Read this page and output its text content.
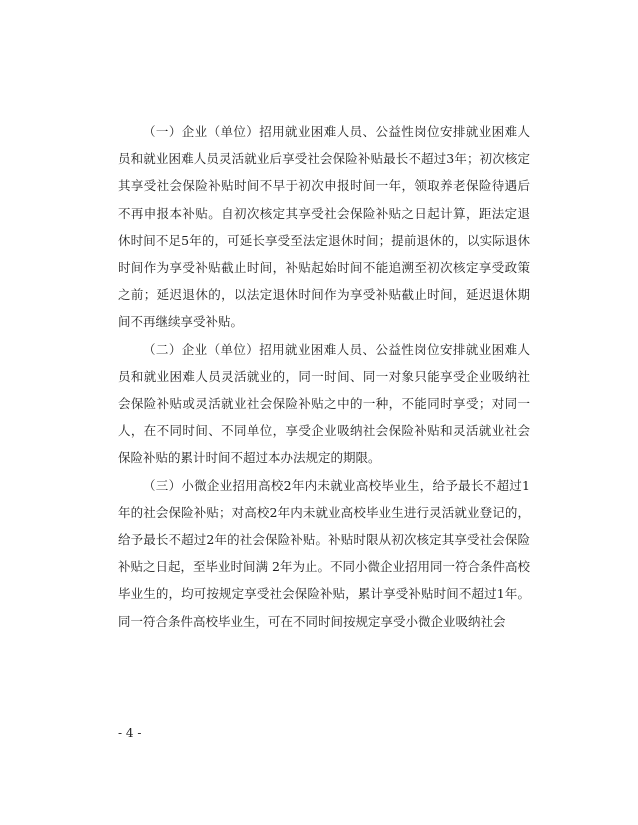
（一）企业（单位）招用就业困难人员、公益性岗位安排就业困难人员和就业困难人员灵活就业后享受社会保险补贴最长不超过3年；初次核定其享受社会保险补贴时间不早于初次申报时间一年，领取养老保险待遇后不再申报本补贴。自初次核定其享受社会保险补贴之日起计算，距法定退休时间不足5年的，可延长享受至法定退休时间；提前退休的，以实际退休时间作为享受补贴截止时间，补贴起始时间不能追溯至初次核定享受政策之前；延迟退休的，以法定退休时间作为享受补贴截止时间，延迟退休期间不再继续享受补贴。

（二）企业（单位）招用就业困难人员、公益性岗位安排就业困难人员和就业困难人员灵活就业的，同一时间、同一对象只能享受企业吸纳社会保险补贴或灵活就业社会保险补贴之中的一种，不能同时享受；对同一人，在不同时间、不同单位，享受企业吸纳社会保险补贴和灵活就业社会保险补贴的累计时间不超过本办法规定的期限。

（三）小微企业招用高校2年内未就业高校毕业生，给予最长不超过1年的社会保险补贴；对高校2年内未就业高校毕业生进行灵活就业登记的，给予最长不超过2年的社会保险补贴。补贴时限从初次核定其享受社会保险补贴之日起，至毕业时间满 2年为止。不同小微企业招用同一符合条件高校毕业生的，均可按规定享受社会保险补贴，累计享受补贴时间不超过1年。同一符合条件高校毕业生，可在不同时间按规定享受小微企业吸纳社会

- 4 -
